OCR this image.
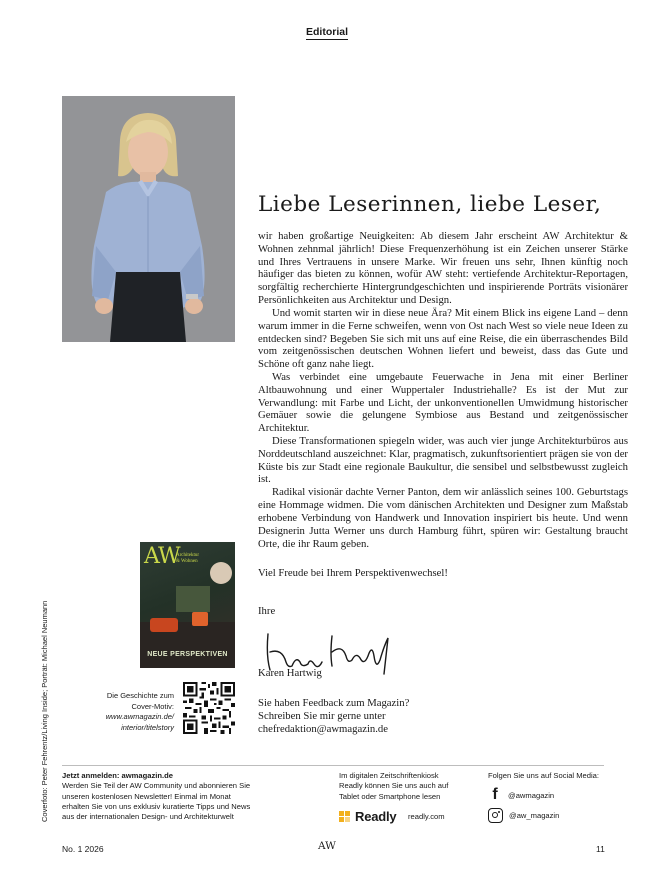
Editorial
Liebe Leserinnen, liebe Leser,

wir haben großartige Neuigkeiten: Ab diesem Jahr erscheint AW Architektur & Wohnen zehnmal jährlich! Diese Frequenzerhöhung ist ein Zeichen unserer Stärke und Ihres Vertrauens in unsere Marke. Wir freuen uns sehr, Ihnen künftig noch häufiger das bieten zu können, wofür AW steht: vertiefende Architektur-Reportagen, sorgfältig recherchierte Hintergrundgeschichten und inspirierende Porträts visionärer Persönlichkeiten aus Architektur und Design.

Und womit starten wir in diese neue Ära? Mit einem Blick ins eigene Land – denn warum immer in die Ferne schweifen, wenn von Ost nach West so viele neue Ideen zu entdecken sind? Begeben Sie sich mit uns auf eine Reise, die ein überraschendes Bild vom zeitgenössischen deutschen Wohnen liefert und beweist, dass das Gute und Schöne oft ganz nahe liegt.

Was verbindet eine umgebaute Feuerwache in Jena mit einer Berliner Altbauwohnung und einer Wuppertaler Industriehalle? Es ist der Mut zur Verwandlung: mit Farbe und Licht, der unkonventionellen Umwidmung historischer Gemäuer sowie die gelungene Symbiose aus Bestand und zeitgenössischer Architektur.

Diese Transformationen spiegeln wider, was auch vier junge Architekturbüros aus Norddeutschland auszeichnet: Klar, pragmatisch, zukunftsorientiert prägen sie von der Küste bis zur Stadt eine regionale Baukultur, die sensibel und selbstbewusst zugleich ist.

Radikal visionär dachte Verner Panton, dem wir anlässlich seines 100. Geburtstags eine Hommage widmen. Die vom dänischen Architekten und Designer zum Maßstab erhobene Verbindung von Handwerk und Innovation inspiriert bis heute. Und wenn Designerin Jutta Werner uns durch Hamburg führt, spüren wir: Gestaltung braucht Orte, die ihr Raum geben.

Viel Freude bei Ihrem Perspektivenwechsel!
Ihre
Karen Hartwig
Sie haben Feedback zum Magazin?
Schreiben Sie mir gerne unter
chefredaktion@awmagazin.de
AW
Architektur
& Wohnen
NEUE PERSPEKTIVEN
Die Geschichte zum
Cover-Motiv:
www.awmagazin.de/
interior/titelstory
Coverfoto: Peter Fehrentz/Living Inside; Porträt: Michael Neumann Jetzt anmelden: awmagazin.de
Werden Sie Teil der AW Community und abonnieren Sie
unseren kostenlosen Newsletter! Einmal im Monat
erhalten Sie von uns exklusiv kuratierte Tipps und News
aus der internationalen Design- und Architekturwelt
Im digitalen Zeitschriftenkiosk
Readly können Sie uns auch auf
Tablet oder Smartphone lesen
Readly readly.com
Folgen Sie uns auf Social Media:
f	@awmagazin
@aw_magazin
No. 1 2026	AW	11
